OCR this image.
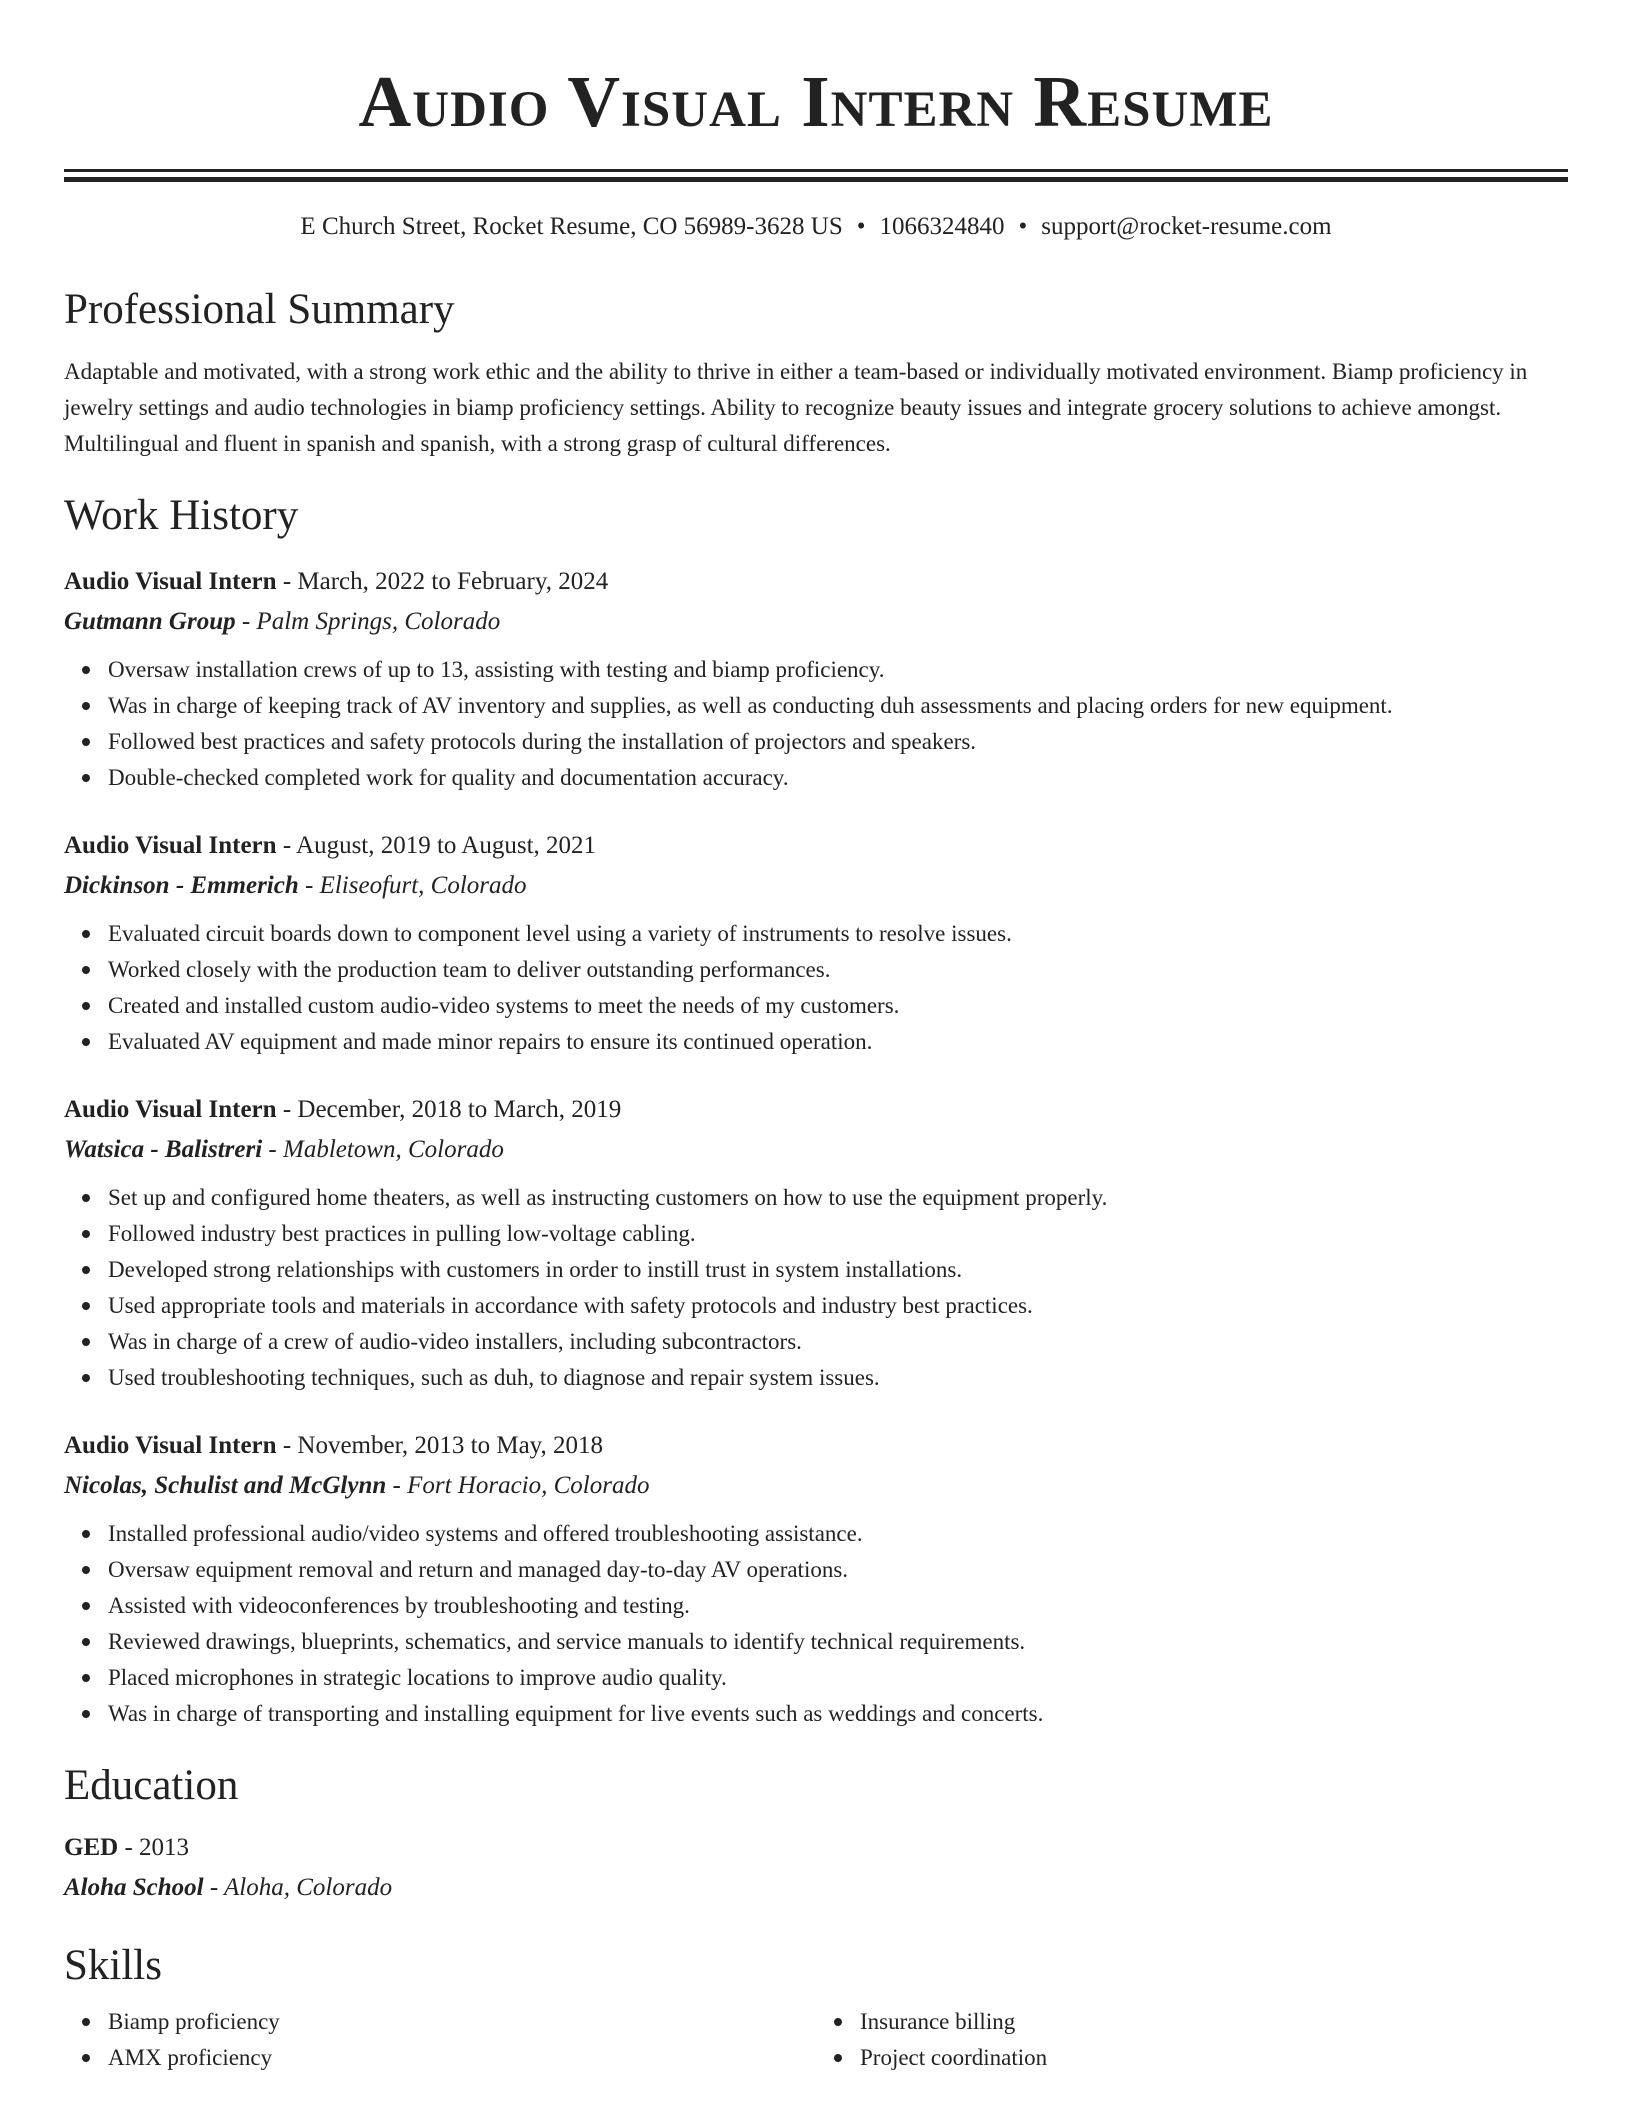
Audio Visual Intern Resume
E Church Street, Rocket Resume, CO 56989-3628 US • 1066324840 • support@rocket-resume.com
Professional Summary

Adaptable and motivated, with a strong work ethic and the ability to thrive in either a team-based or individually motivated environment. Biamp proficiency in jewelry settings and audio technologies in biamp proficiency settings. Ability to recognize beauty issues and integrate grocery solutions to achieve amongst. Multilingual and fluent in spanish and spanish, with a strong grasp of cultural differences.

Work History
Audio Visual Intern - March, 2022 to February, 2024
Gutmann Group - Palm Springs, Colorado
Oversaw installation crews of up to 13, assisting with testing and biamp proficiency.
Was in charge of keeping track of AV inventory and supplies, as well as conducting duh assessments and placing orders for new equipment.
Followed best practices and safety protocols during the installation of projectors and speakers.
Double-checked completed work for quality and documentation accuracy.
Audio Visual Intern - August, 2019 to August, 2021
Dickinson - Emmerich - Eliseofurt, Colorado
Evaluated circuit boards down to component level using a variety of instruments to resolve issues.
Worked closely with the production team to deliver outstanding performances.
Created and installed custom audio-video systems to meet the needs of my customers.
Evaluated AV equipment and made minor repairs to ensure its continued operation.
Audio Visual Intern - December, 2018 to March, 2019
Watsica - Balistreri - Mabletown, Colorado
Set up and configured home theaters, as well as instructing customers on how to use the equipment properly.
Followed industry best practices in pulling low-voltage cabling.
Developed strong relationships with customers in order to instill trust in system installations.
Used appropriate tools and materials in accordance with safety protocols and industry best practices.
Was in charge of a crew of audio-video installers, including subcontractors.
Used troubleshooting techniques, such as duh, to diagnose and repair system issues.
Audio Visual Intern - November, 2013 to May, 2018
Nicolas, Schulist and McGlynn - Fort Horacio, Colorado
Installed professional audio/video systems and offered troubleshooting assistance.
Oversaw equipment removal and return and managed day-to-day AV operations.
Assisted with videoconferences by troubleshooting and testing.
Reviewed drawings, blueprints, schematics, and service manuals to identify technical requirements.
Placed microphones in strategic locations to improve audio quality.
Was in charge of transporting and installing equipment for live events such as weddings and concerts.
Education
GED - 2013
Aloha School - Aloha, Colorado
Skills
Biamp proficiency
AMX proficiency
Insurance billing
Project coordination
